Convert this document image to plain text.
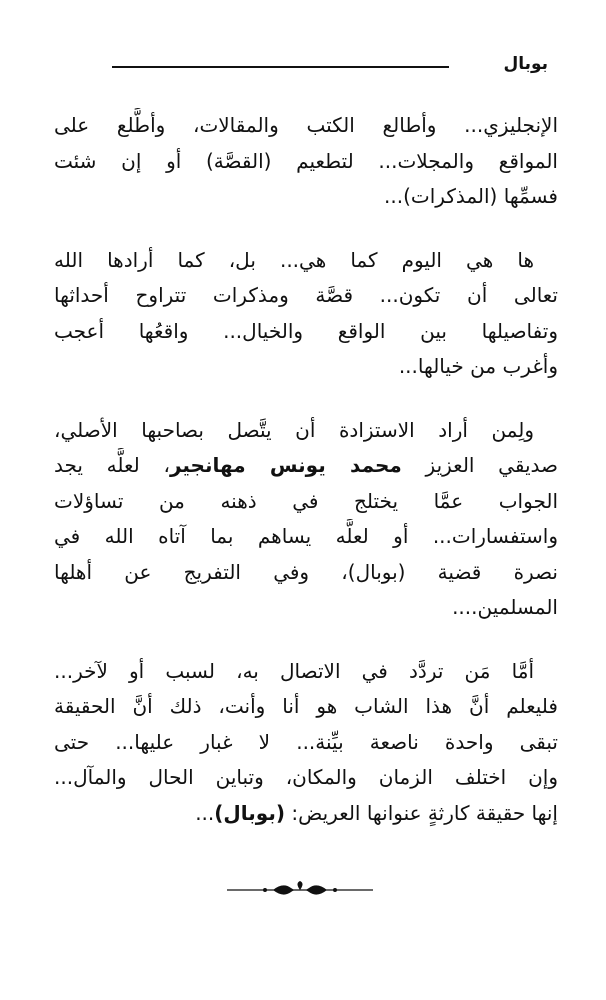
بوبال

الإنجليزي... وأطالع الكتب والمقالات، وأطَّلع على
المواقع والمجلات... لتطعيم (القصَّة) أو إن شئت
فسمِّها (المذكرات)...

ها هي اليوم كما هي... بل، كما أرادها الله
تعالى أن تكون... قصَّة ومذكرات تتراوح أحداثها
وتفاصيلها بين الواقع والخيال... واقعُها أعجب
وأغرب من خيالها...

ولِمن أراد الاستزادة أن يتَّصل بصاحبها الأصلي،
صديقي العزيز محمد يونس مهانجير، لعلَّه يجد
الجواب عمَّا يختلج في ذهنه من تساؤلات
واستفسارات... أو لعلَّه يساهم بما آتاه الله في
نصرة قضية (بوبال)، وفي التفريج عن أهلها
المسلمين....

أمَّا مَن تردَّد في الاتصال به، لسبب أو لآخر...
فليعلم أنَّ هذا الشاب هو أنا وأنت، ذلك أنَّ الحقيقة
تبقى واحدة ناصعة بيِّنة... لا غبار عليها... حتى
وإن اختلف الزمان والمكان، وتباين الحال والمآل...
إنها حقيقة كارثةٍ عنوانها العريض: (بوبال)...
